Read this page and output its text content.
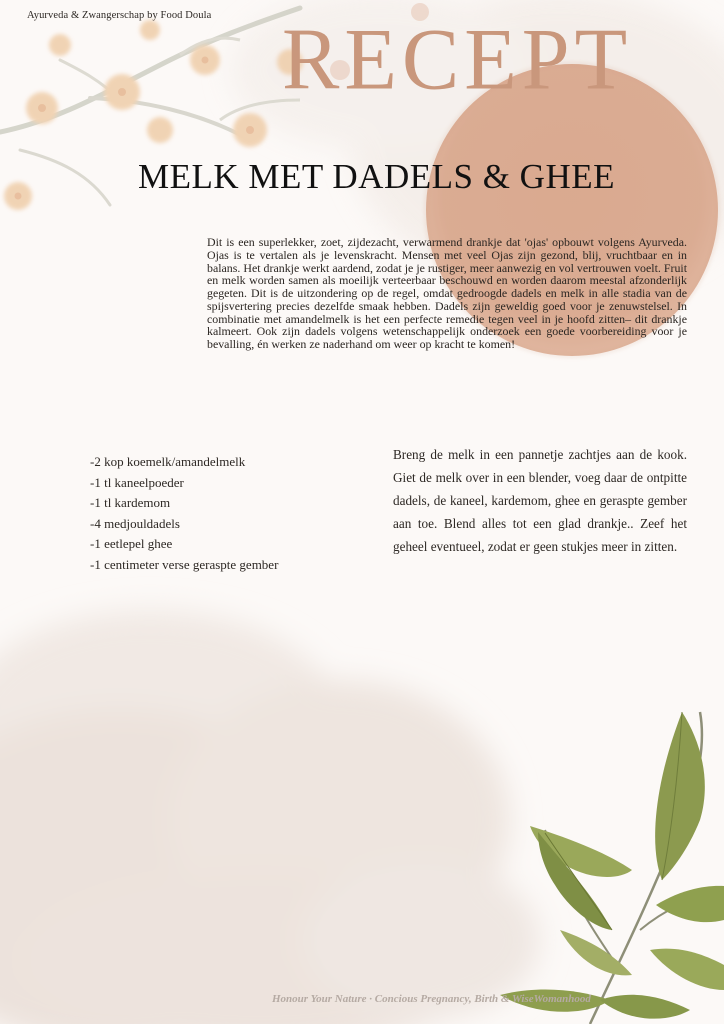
Ayurveda & Zwangerschap by Food Doula RECEPT
MELK MET DADELS & GHEE

Dit is een superlekker, zoet, zijdezacht, verwarmend drankje dat 'ojas' opbouwt volgens Ayurveda. Ojas is te vertalen als je levenskracht. Mensen met veel Ojas zijn gezond, blij, vruchtbaar en in balans. Het drankje werkt aardend, zodat je je rustiger, meer aanwezig en vol vertrouwen voelt. Fruit en melk worden samen als moeilijk verteerbaar beschouwd en worden daarom meestal afzonderlijk gegeten. Dit is de uitzondering op de regel, omdat gedroogde dadels en melk in alle stadia van de spijsvertering precies dezelfde smaak hebben. Dadels zijn geweldig goed voor je zenuwstelsel. In combinatie met amandelmelk is het een perfecte remedie tegen veel in je hoofd zitten– dit drankje kalmeert. Ook zijn dadels volgens wetenschappelijk onderzoek een goede voorbereiding voor je bevalling, én werken ze naderhand om weer op kracht te komen!

-2 kop koemelk/amandelmelk
-1 tl kaneelpoeder
-1 tl kardemom
-4 medjouldadels
-1 eetlepel ghee
-1 centimeter verse geraspte gember

Breng de melk in een pannetje zachtjes aan de kook. Giet de melk over in een blender, voeg daar de ontpitte dadels, de kaneel, kardemom, ghee en geraspte gember aan toe. Blend alles tot een glad drankje.. Zeef het geheel eventueel, zodat er geen stukjes meer in zitten.

Honour Your Nature · Concious Pregnancy, Birth & WiseWomanhood
